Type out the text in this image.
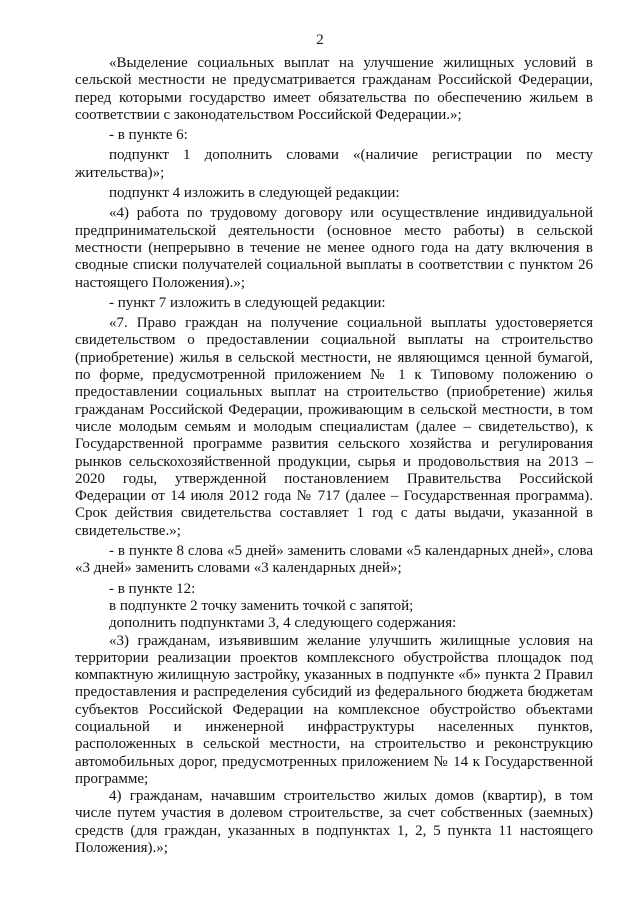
2

«Выделение социальных выплат на улучшение жилищных условий в сельской местности не предусматривается гражданам Российской Федерации, перед которыми государство имеет обязательства по обеспечению жильем в соответствии с законодательством Российской Федерации.»;

- в пункте 6:

подпункт 1 дополнить словами «(наличие регистрации по месту жительства)»;

подпункт 4 изложить в следующей редакции:

«4) работа по трудовому договору или осуществление индивидуальной предпринимательской деятельности (основное место работы) в сельской местности (непрерывно в течение не менее одного года на дату включения в сводные списки получателей социальной выплаты в соответствии с пунктом 26 настоящего Положения).»;

- пункт 7 изложить в следующей редакции:

«7. Право граждан на получение социальной выплаты удостоверяется свидетельством о предоставлении социальной выплаты на строительство (приобретение) жилья в сельской местности, не являющимся ценной бумагой, по форме, предусмотренной приложением № 1 к Типовому положению о предоставлении социальных выплат на строительство (приобретение) жилья гражданам Российской Федерации, проживающим в сельской местности, в том числе молодым семьям и молодым специалистам (далее – свидетельство), к Государственной программе развития сельского хозяйства и регулирования рынков сельскохозяйственной продукции, сырья и продовольствия на 2013 – 2020 годы, утвержденной постановлением Правительства Российской Федерации от 14 июля 2012 года № 717 (далее – Государственная программа). Срок действия свидетельства составляет 1 год с даты выдачи, указанной в свидетельстве.»;

- в пункте 8 слова «5 дней» заменить словами «5 календарных дней», слова «3 дней» заменить словами «3 календарных дней»;

- в пункте 12:

в подпункте 2 точку заменить точкой с запятой;

дополнить подпунктами 3, 4 следующего содержания:

«3) гражданам, изъявившим желание улучшить жилищные условия на территории реализации проектов комплексного обустройства площадок под компактную жилищную застройку, указанных в подпункте «б» пункта 2 Правил предоставления и распределения субсидий из федерального бюджета бюджетам субъектов Российской Федерации на комплексное обустройство объектами социальной и инженерной инфраструктуры населенных пунктов, расположенных в сельской местности, на строительство и реконструкцию автомобильных дорог, предусмотренных приложением № 14 к Государственной программе;

4) гражданам, начавшим строительство жилых домов (квартир), в том числе путем участия в долевом строительстве, за счет собственных (заемных) средств (для граждан, указанных в подпунктах 1, 2, 5 пункта 11 настоящего Положения).»;
